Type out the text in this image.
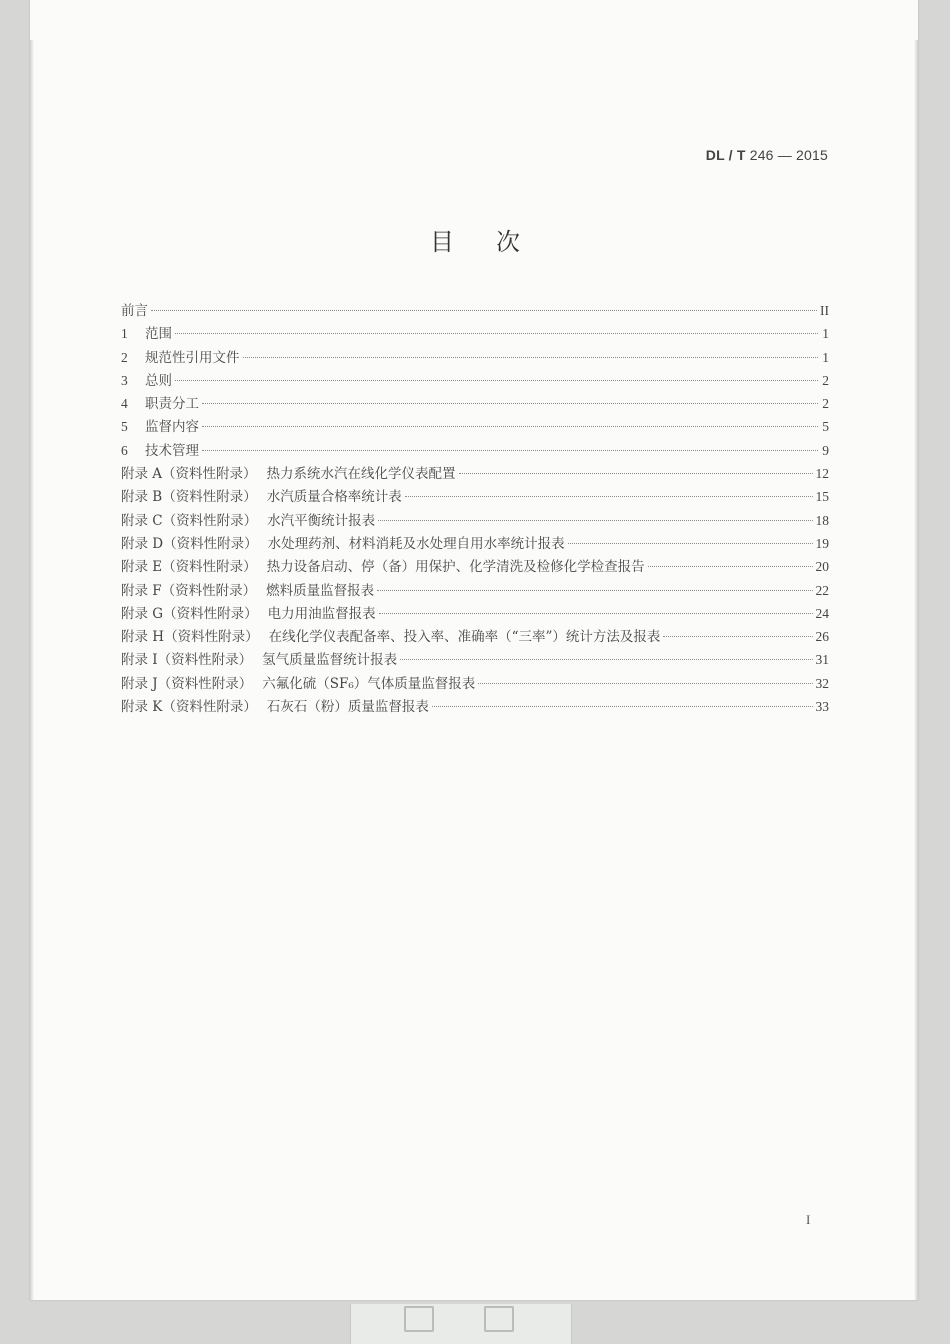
DL / T 246 — 2015
目 次
前言	II
1	范围	1
2	规范性引用文件	1
3	总则	2
4	职责分工	2
5	监督内容	5
6	技术管理	9
附录 A（资料性附录） 热力系统水汽在线化学仪表配置	12
附录 B（资料性附录） 水汽质量合格率统计表	15
附录 C（资料性附录） 水汽平衡统计报表	18
附录 D（资料性附录） 水处理药剂、材料消耗及水处理自用水率统计报表	19
附录 E（资料性附录） 热力设备启动、停（备）用保护、化学清洗及检修化学检查报告	20
附录 F（资料性附录） 燃料质量监督报表	22
附录 G（资料性附录） 电力用油监督报表	24
附录 H（资料性附录） 在线化学仪表配备率、投入率、准确率（“三率”）统计方法及报表	26
附录 I（资料性附录） 氢气质量监督统计报表	31
附录 J（资料性附录） 六氟化硫（SF₆）气体质量监督报表	32
附录 K（资料性附录） 石灰石（粉）质量监督报表	33
I
